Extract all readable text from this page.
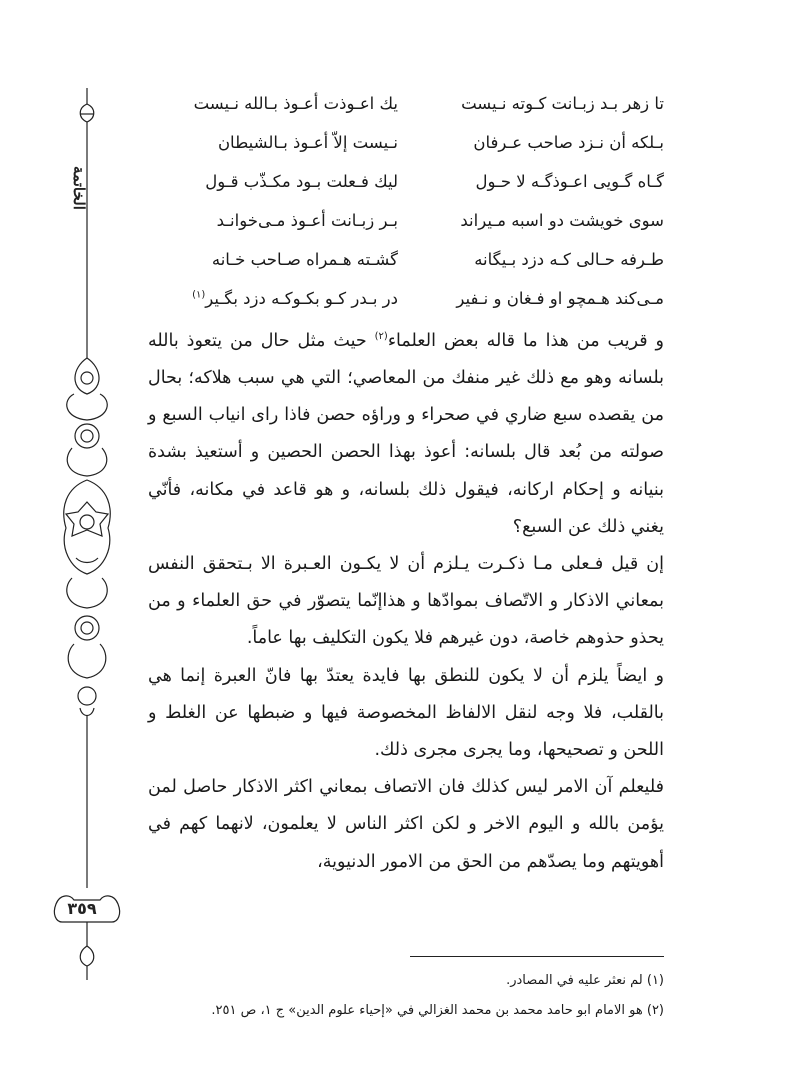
الخاتمة
٣٥٩
تا زهر بـد زبـانت کـوته نـيست
يك اعـوذت أعـوذ بـالله نـيست
بـلکه أن نـزد صاحب عـرفان
نـيست إلاّ أعـوذ بـالشيطان
گـاه گـويى اعـوذگـه لا حـول
ليك فـعلت بـود مكـذّب قـول
سوى خويشت دو اسبه مـيراند
بـر زبـانت أعـوذ مـى‌خوانـد
طـرفه حـالى كـه دزد بـيگانه
گشـته هـمراه صـاحب خـانه
مـى‌كند هـمچو او فـغان و نـفير
در بـدر كـو بكـوكـه دزد بگـير$^{(١)}$

و قريب من هذا ما قاله بعض العلماء$^{(٢)}$ حيث مثل حال من يتعوذ بالله بلسانه وهو مع ذلك غير منفك من المعاصي؛ التي هي سبب هلاكه؛ بحال من يقصده سبع ضاري في صحراء و وراؤه حصن فاذا راى انياب السبع و صولته من بُعد قال بلسانه: أعوذ بهذا الحصن الحصين و أستعيذ بشدة بنيانه و إحكام اركانه، فيقول ذلك بلسانه، و هو قاعد في مكانه، فأنّي يغني ذلك عن السبع؟

إن قيل فـعلى مـا ذكـرت يـلزم أن لا يكـون العـبرة الا بـتحقق النفس بمعاني الاذكار و الاتّصاف بموادّها و هذاإنّما يتصوّر في حق العلماء و من يحذو حذوهم خاصة، دون غيرهم فلا يكون التكليف بها عاماً.

و ايضاً يلزم أن لا يكون للنطق بها فايدة يعتدّ بها فانّ العبرة إنما هي بالقلب، فلا وجه لنقل الالفاظ المخصوصة فيها و ضبطها عن الغلط و اللحن و تصحيحها، وما يجرى مجرى ذلك.

فليعلم آن الامر ليس كذلك فان الاتصاف بمعاني اكثر الاذكار حاصل لمن يؤمن بالله و اليوم الاخر و لكن اكثر الناس لا يعلمون، لانهما كهم في أهويتهم وما يصدّهم من الحق من الامور الدنيوية،

(١) لم نعثر عليه في المصادر.

(٢) هو الامام ابو حامد محمد بن محمد الغزالي في «إحياء علوم الدين» ج ١، ص ٢٥١.
